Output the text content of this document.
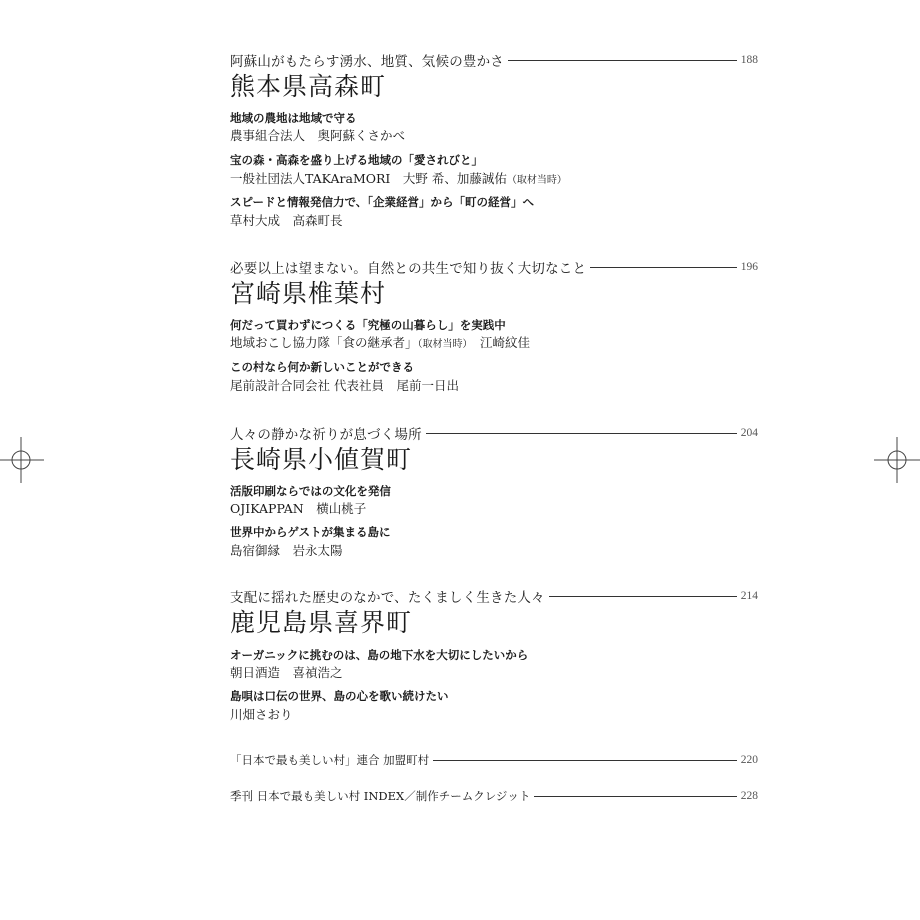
阿蘇山がもたらす湧水、地質、気候の豊かさ	188
熊本県高森町
地域の農地は地域で守る
農事組合法人　奥阿蘇くさかべ
宝の森・高森を盛り上げる地域の「愛されびと」
一般社団法人TAKAraMORI　大野 希、加藤誠佑（取材当時）
スピードと情報発信力で、「企業経営」から「町の経営」へ
草村大成　高森町長
必要以上は望まない。自然との共生で知り抜く大切なこと	196
宮崎県椎葉村
何だって買わずにつくる「究極の山暮らし」を実践中
地域おこし協力隊「食の継承者」（取材当時）　江崎紋佳
この村なら何か新しいことができる
尾前設計合同会社 代表社員　尾前一日出
人々の静かな祈りが息づく場所	204
長崎県小値賀町
活版印刷ならではの文化を発信
OJIKAPPAN　横山桃子
世界中からゲストが集まる島に
島宿御縁　岩永太陽
支配に揺れた歴史のなかで、たくましく生きた人々	214
鹿児島県喜界町
オーガニックに挑むのは、島の地下水を大切にしたいから
朝日酒造　喜禎浩之
島唄は口伝の世界、島の心を歌い続けたい
川畑さおり
「日本で最も美しい村」連合 加盟町村	220
季刊 日本で最も美しい村 INDEX／制作チームクレジット	228
